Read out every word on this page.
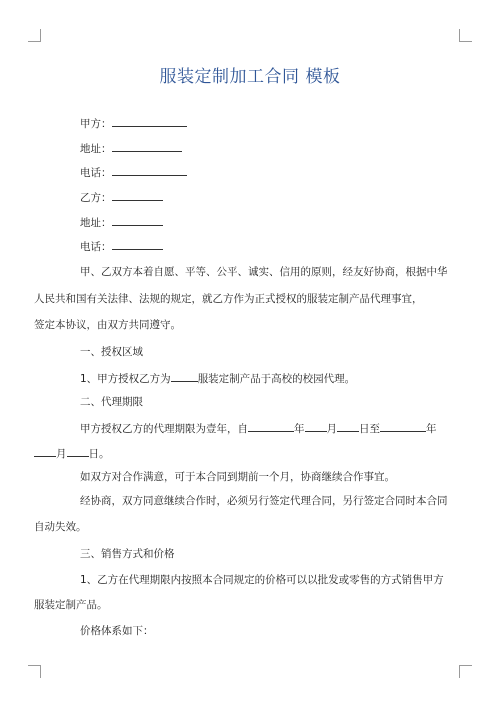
服装定制加工合同 模板
甲方：
地址：
电话：
乙方：
地址：
电话：
甲、乙双方本着自愿、平等、公平、诚实、信用的原则，经友好协商，根据中华
人民共和国有关法律、法规的规定，就乙方作为正式授权的服装定制产品代理事宜，
签定本协议，由双方共同遵守。
一、授权区域
1、甲方授权乙方为	服装定制产品于高校的校园代理。
二、代理期限
甲方授权乙方的代理期限为壹年，自	年 月 日至	年
月 日。
如双方对合作满意，可于本合同到期前一个月，协商继续合作事宜。
经协商，双方同意继续合作时，必须另行签定代理合同，另行签定合同时本合同
自动失效。
三、销售方式和价格
1、乙方在代理期限内按照本合同规定的价格可以以批发或零售的方式销售甲方
服装定制产品。
价格体系如下：
